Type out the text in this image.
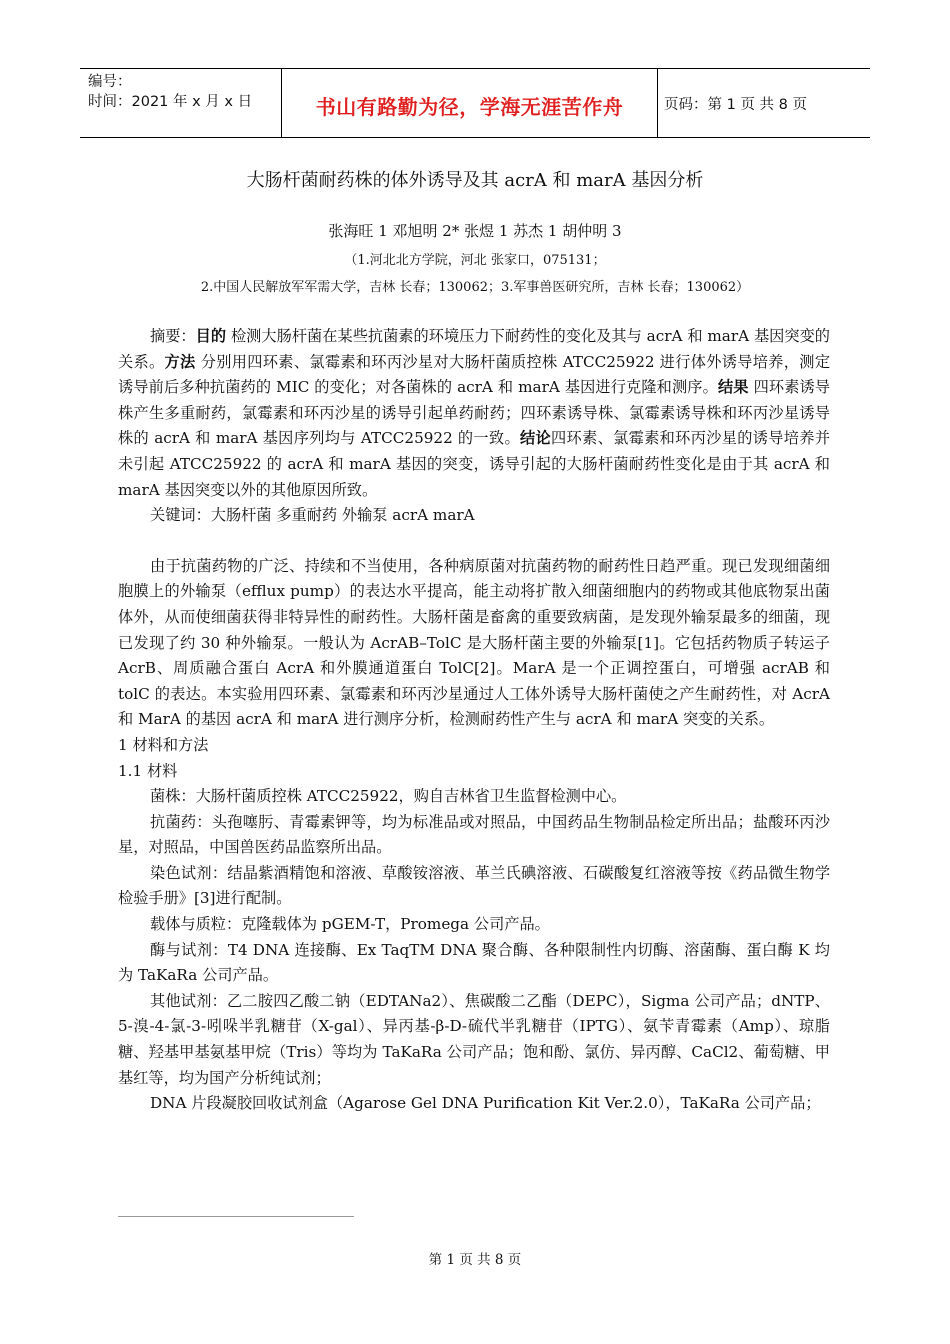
编号：
时间：2021 年 x 月 x 日	书山有路勤为径，学海无涯苦作舟	页码：第 1 页 共 8 页
大肠杆菌耐药株的体外诱导及其 acrA 和 marA 基因分析
张海旺 1 邓旭明 2* 张煜 1 苏杰 1 胡仲明 3
（1.河北北方学院，河北 张家口，075131；
2.中国人民解放军军需大学，吉林 长春；130062；3.军事兽医研究所，吉林 长春；130062）

摘要：目的 检测大肠杆菌在某些抗菌素的环境压力下耐药性的变化及其与 acrA 和 marA 基因突变的关系。方法 分别用四环素、氯霉素和环丙沙星对大肠杆菌质控株 ATCC25922 进行体外诱导培养，测定诱导前后多种抗菌药的 MIC 的变化；对各菌株的 acrA 和 marA 基因进行克隆和测序。结果 四环素诱导株产生多重耐药，氯霉素和环丙沙星的诱导引起单药耐药；四环素诱导株、氯霉素诱导株和环丙沙星诱导株的 acrA 和 marA 基因序列均与 ATCC25922 的一致。结论四环素、氯霉素和环丙沙星的诱导培养并未引起 ATCC25922 的 acrA 和 marA 基因的突变，诱导引起的大肠杆菌耐药性变化是由于其 acrA 和 marA 基因突变以外的其他原因所致。

关键词：大肠杆菌 多重耐药 外输泵 acrA marA

由于抗菌药物的广泛、持续和不当使用，各种病原菌对抗菌药物的耐药性日趋严重。现已发现细菌细胞膜上的外输泵（efflux pump）的表达水平提高，能主动将扩散入细菌细胞内的药物或其他底物泵出菌体外，从而使细菌获得非特异性的耐药性。大肠杆菌是畜禽的重要致病菌，是发现外输泵最多的细菌，现已发现了约 30 种外输泵。一般认为 AcrAB–TolC 是大肠杆菌主要的外输泵[1]。它包括药物质子转运子 AcrB、周质融合蛋白 AcrA 和外膜通道蛋白 TolC[2]。MarA 是一个正调控蛋白，可增强 acrAB 和 tolC 的表达。本实验用四环素、氯霉素和环丙沙星通过人工体外诱导大肠杆菌使之产生耐药性，对 AcrA 和 MarA 的基因 acrA 和 marA 进行测序分析，检测耐药性产生与 acrA 和 marA 突变的关系。

1 材料和方法

1.1 材料

菌株：大肠杆菌质控株 ATCC25922，购自吉林省卫生监督检测中心。

抗菌药：头孢噻肟、青霉素钾等，均为标准品或对照品，中国药品生物制品检定所出品；盐酸环丙沙星，对照品，中国兽医药品监察所出品。

染色试剂：结晶紫酒精饱和溶液、草酸铵溶液、革兰氏碘溶液、石碳酸复红溶液等按《药品微生物学检验手册》[3]进行配制。

载体与质粒：克隆载体为 pGEM-T，Promega 公司产品。

酶与试剂：T4 DNA 连接酶、Ex TaqTM DNA 聚合酶、各种限制性内切酶、溶菌酶、蛋白酶 K 均为 TaKaRa 公司产品。

其他试剂：乙二胺四乙酸二钠（EDTANa2）、焦碳酸二乙酯（DEPC），Sigma 公司产品；dNTP、5-溴-4-氯-3-吲哚半乳糖苷（X-gal）、异丙基-β-D-硫代半乳糖苷（IPTG）、氨苄青霉素（Amp）、琼脂糖、羟基甲基氨基甲烷（Tris）等均为 TaKaRa 公司产品；饱和酚、氯仿、异丙醇、CaCl2、葡萄糖、甲基红等，均为国产分析纯试剂；

DNA 片段凝胶回收试剂盒（Agarose Gel DNA Purification Kit Ver.2.0），TaKaRa 公司产品；

第 1 页 共 8 页
